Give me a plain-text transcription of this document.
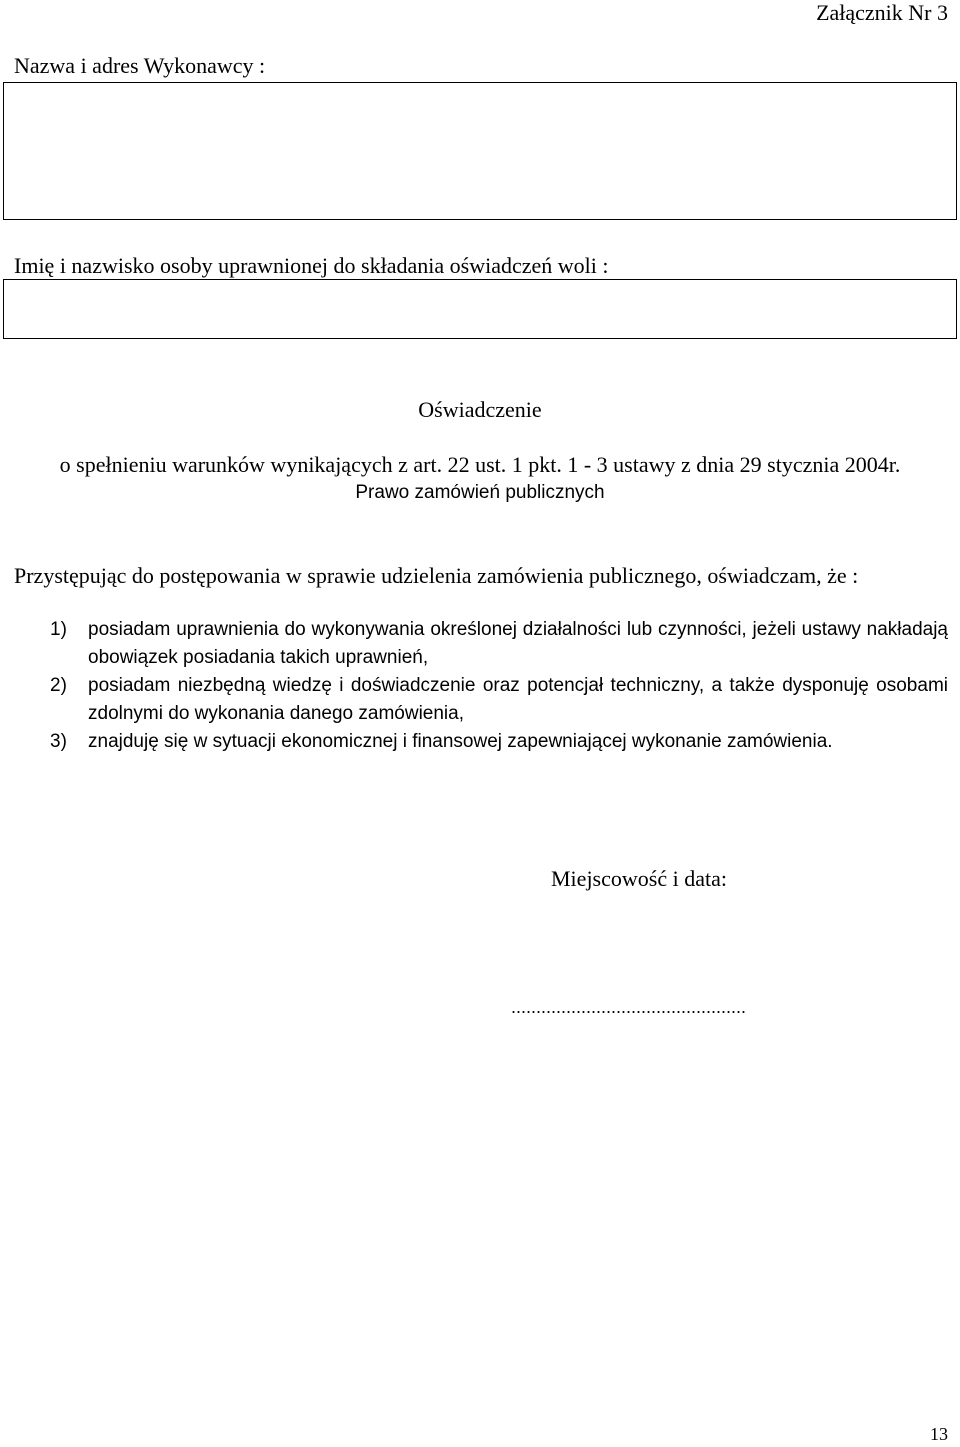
Załącznik Nr 3
Nazwa i adres Wykonawcy :
Imię i nazwisko osoby uprawnionej do składania oświadczeń woli :
Oświadczenie
o spełnieniu warunków wynikających z art. 22 ust. 1 pkt. 1 - 3 ustawy z dnia 29 stycznia 2004r.
Prawo zamówień publicznych
Przystępując do postępowania w sprawie udzielenia zamówienia publicznego, oświadczam, że :
1) posiadam uprawnienia do wykonywania określonej działalności lub czynności, jeżeli ustawy nakładają obowiązek posiadania takich uprawnień,
2) posiadam niezbędną wiedzę i doświadczenie oraz potencjał techniczny, a także dysponuję osobami zdolnymi do wykonania danego zamówienia,
3) znajduję się w sytuacji ekonomicznej i finansowej zapewniającej wykonanie zamówienia.
Miejscowość i data:
...............................................
13
